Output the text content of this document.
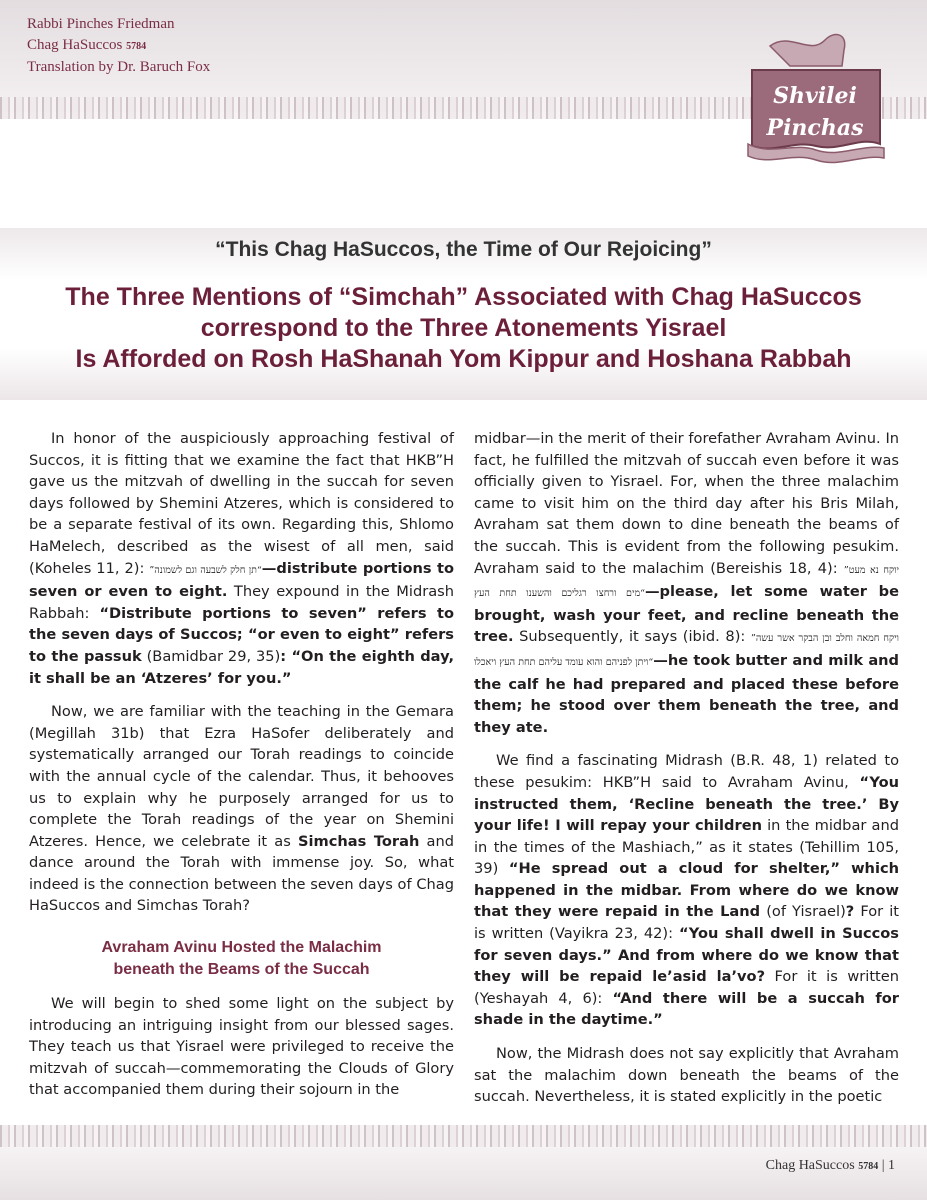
Rabbi Pinches Friedman
Chag HaSuccos 5784
Translation by Dr. Baruch Fox
Shvilei
Pinchas
“This Chag HaSuccos, the Time of Our Rejoicing”
The Three Mentions of “Simchah” Associated with Chag HaSuccos
correspond to the Three Atonements Yisrael
Is Afforded on Rosh HaShanah Yom Kippur and Hoshana Rabbah

In honor of the auspiciously approaching festival of Succos, it is fitting that we examine the fact that HKB”H gave us the mitzvah of dwelling in the succah for seven days followed by Shemini Atzeres, which is considered to be a separate festival of its own. Regarding this, Shlomo HaMelech, described as the wisest of all men, said (Koheles 11, 2): ”תן חלק לשבעה וגם לשמונה“—distribute portions to seven or even to eight. They expound in the Midrash Rabbah: “Distribute portions to seven” refers to the seven days of Succos; “or even to eight” refers to the passuk (Bamidbar 29, 35): “On the eighth day, it shall be an ‘Atzeres’ for you.”

Now, we are familiar with the teaching in the Gemara (Megillah 31b) that Ezra HaSofer deliberately and systematically arranged our Torah readings to coincide with the annual cycle of the calendar. Thus, it behooves us to explain why he purposely arranged for us to complete the Torah readings of the year on Shemini Atzeres. Hence, we celebrate it as Simchas Torah and dance around the Torah with immense joy. So, what indeed is the connection between the seven days of Chag HaSuccos and Simchas Torah?

Avraham Avinu Hosted the Malachim
beneath the Beams of the Succah

We will begin to shed some light on the subject by introducing an intriguing insight from our blessed sages. They teach us that Yisrael were privileged to receive the mitzvah of succah—commemorating the Clouds of Glory that accompanied them during their sojourn in the

midbar—in the merit of their forefather Avraham Avinu. In fact, he fulfilled the mitzvah of succah even before it was officially given to Yisrael. For, when the three malachim came to visit him on the third day after his Bris Milah, Avraham sat them down to dine beneath the beams of the succah. This is evident from the following pesukim. Avraham said to the malachim (Bereishis 18, 4): ”יוקח נא מעט מים ורחצו רגליכם והשענו תחת העץ“—please, let some water be brought, wash your feet, and recline beneath the tree. Subsequently, it says (ibid. 8): ”ויקח חמאה וחלב ובן הבקר אשר עשה ויתן לפניהם והוא עומד עליהם תחת העץ ויאכלו“—he took butter and milk and the calf he had prepared and placed these before them; he stood over them beneath the tree, and they ate.

We find a fascinating Midrash (B.R. 48, 1) related to these pesukim: HKB”H said to Avraham Avinu, “You instructed them, ‘Recline beneath the tree.’ By your life! I will repay your children in the midbar and in the times of the Mashiach,” as it states (Tehillim 105, 39) “He spread out a cloud for shelter,” which happened in the midbar. From where do we know that they were repaid in the Land (of Yisrael)? For it is written (Vayikra 23, 42): “You shall dwell in Succos for seven days.” And from where do we know that they will be repaid le’asid la’vo? For it is written (Yeshayah 4, 6): “And there will be a succah for shade in the daytime.”

Now, the Midrash does not say explicitly that Avraham sat the malachim down beneath the beams of the succah. Nevertheless, it is stated explicitly in the poetic

Chag HaSuccos 5784 | 1
